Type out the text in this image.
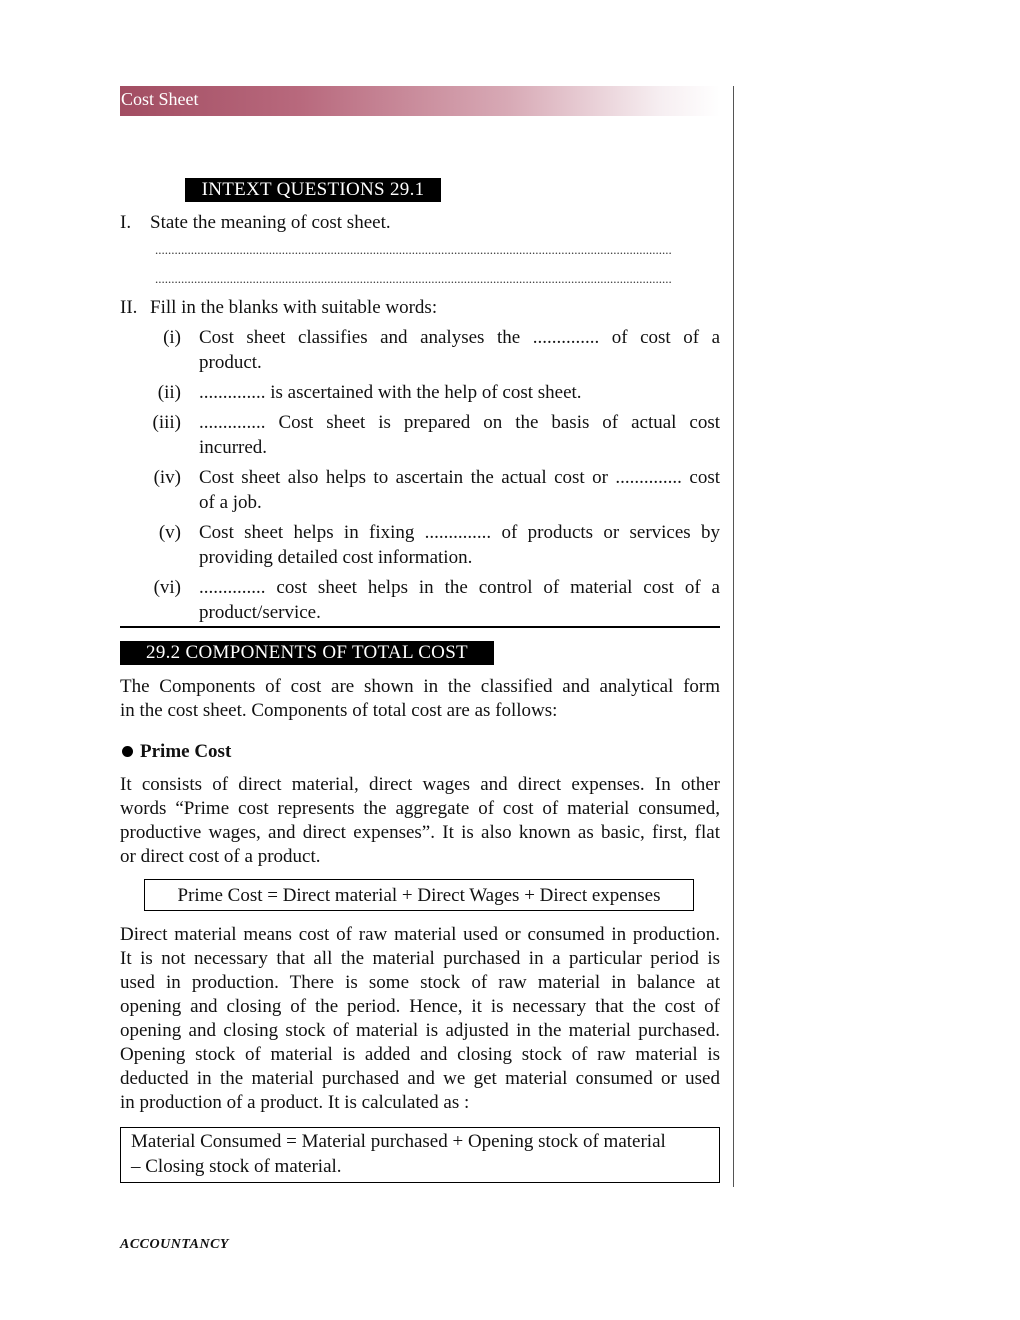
Cost Sheet
INTEXT QUESTIONS 29.1
I. State the meaning of cost sheet.
...............................................................................................................................................................
...............................................................................................................................................................
II. Fill in the blanks with suitable words:
(i) Cost sheet classifies and analyses the .............. of cost of a
product.
(ii) .............. is ascertained with the help of cost sheet.
(iii) .............. Cost sheet is prepared on the basis of actual cost
incurred.
(iv) Cost sheet also helps to ascertain the actual cost or .............. cost
of a job.
(v) Cost sheet helps in fixing .............. of products or services by
providing detailed cost information.
(vi) .............. cost sheet helps in the control of material cost of a
product/service.
29.2 COMPONENTS OF TOTAL COST
The Components of cost are shown in the classified and analytical form
in the cost sheet. Components of total cost are as follows:
Prime Cost
It consists of direct material, direct wages and direct expenses. In other
words “Prime cost represents the aggregate of cost of material consumed,
productive wages, and direct expenses”. It is also known as basic, first, flat
or direct cost of a product.
Prime Cost = Direct material + Direct Wages + Direct expenses
Direct material means cost of raw material used or consumed in production.
It is not necessary that all the material purchased in a particular period is
used in production. There is some stock of raw material in balance at
opening and closing of the period. Hence, it is necessary that the cost of
opening and closing stock of material is adjusted in the material purchased.
Opening stock of material is added and closing stock of raw material is
deducted in the material purchased and we get material consumed or used
in production of a product. It is calculated as :
Material Consumed = Material purchased + Opening stock of material
– Closing stock of material.
ACCOUNTANCY
